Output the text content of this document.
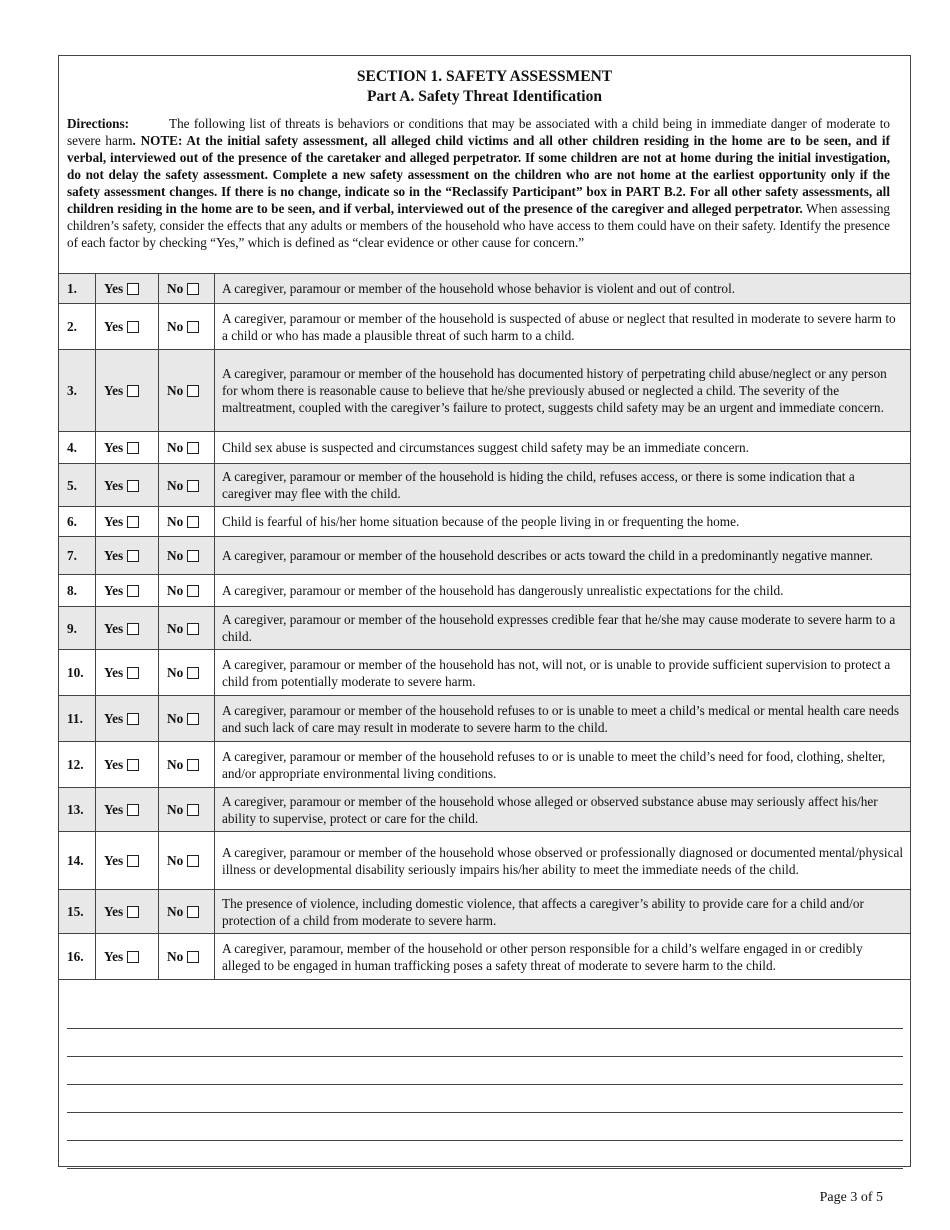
SECTION 1. SAFETY ASSESSMENT
Part A. Safety Threat Identification
Directions:	The following list of threats is behaviors or conditions that may be associated with a child being in immediate danger of moderate to severe harm. NOTE: At the initial safety assessment, all alleged child victims and all other children residing in the home are to be seen, and if verbal, interviewed out of the presence of the caretaker and alleged perpetrator. If some children are not at home during the initial investigation, do not delay the safety assessment. Complete a new safety assessment on the children who are not home at the earliest opportunity only if the safety assessment changes. If there is no change, indicate so in the “Reclassify Participant” box in PART B.2. For all other safety assessments, all children residing in the home are to be seen, and if verbal, interviewed out of the presence of the caregiver and alleged perpetrator. When assessing children’s safety, consider the effects that any adults or members of the household who have access to them could have on their safety. Identify the presence of each factor by checking “Yes,” which is defined as “clear evidence or other cause for concern.”
1.	Yes	No	A caregiver, paramour or member of the household whose behavior is violent and out of control.
2.	Yes	No	A caregiver, paramour or member of the household is suspected of abuse or neglect that resulted in moderate to severe harm to a child or who has made a plausible threat of such harm to a child.
3.	Yes	No	A caregiver, paramour or member of the household has documented history of perpetrating child abuse/neglect or any person for whom there is reasonable cause to believe that he/she previously abused or neglected a child. The severity of the maltreatment, coupled with the caregiver’s failure to protect, suggests child safety may be an urgent and immediate concern.
4.	Yes	No	Child sex abuse is suspected and circumstances suggest child safety may be an immediate concern.
5.	Yes	No	A caregiver, paramour or member of the household is hiding the child, refuses access, or there is some indication that a caregiver may flee with the child.
6.	Yes	No	Child is fearful of his/her home situation because of the people living in or frequenting the home.
7.	Yes	No	A caregiver, paramour or member of the household describes or acts toward the child in a predominantly negative manner.
8.	Yes	No	A caregiver, paramour or member of the household has dangerously unrealistic expectations for the child.
9.	Yes	No	A caregiver, paramour or member of the household expresses credible fear that he/she may cause moderate to severe harm to a child.
10.	Yes	No	A caregiver, paramour or member of the household has not, will not, or is unable to provide sufficient supervision to protect a child from potentially moderate to severe harm.
11.	Yes	No	A caregiver, paramour or member of the household refuses to or is unable to meet a child’s medical or mental health care needs and such lack of care may result in moderate to severe harm to the child.
12.	Yes	No	A caregiver, paramour or member of the household refuses to or is unable to meet the child’s need for food, clothing, shelter, and/or appropriate environmental living conditions.
13.	Yes	No	A caregiver, paramour or member of the household whose alleged or observed substance abuse may seriously affect his/her ability to supervise, protect or care for the child.
14.	Yes	No	A caregiver, paramour or member of the household whose observed or professionally diagnosed or documented mental/physical illness or developmental disability seriously impairs his/her ability to meet the immediate needs of the child.
15.	Yes	No	The presence of violence, including domestic violence, that affects a caregiver’s ability to provide care for a child and/or protection of a child from moderate to severe harm.
16.	Yes	No	A caregiver, paramour, member of the household or other person responsible for a child’s welfare engaged in or credibly alleged to be engaged in human trafficking poses a safety threat of moderate to severe harm to the child.
Page 3 of 5
